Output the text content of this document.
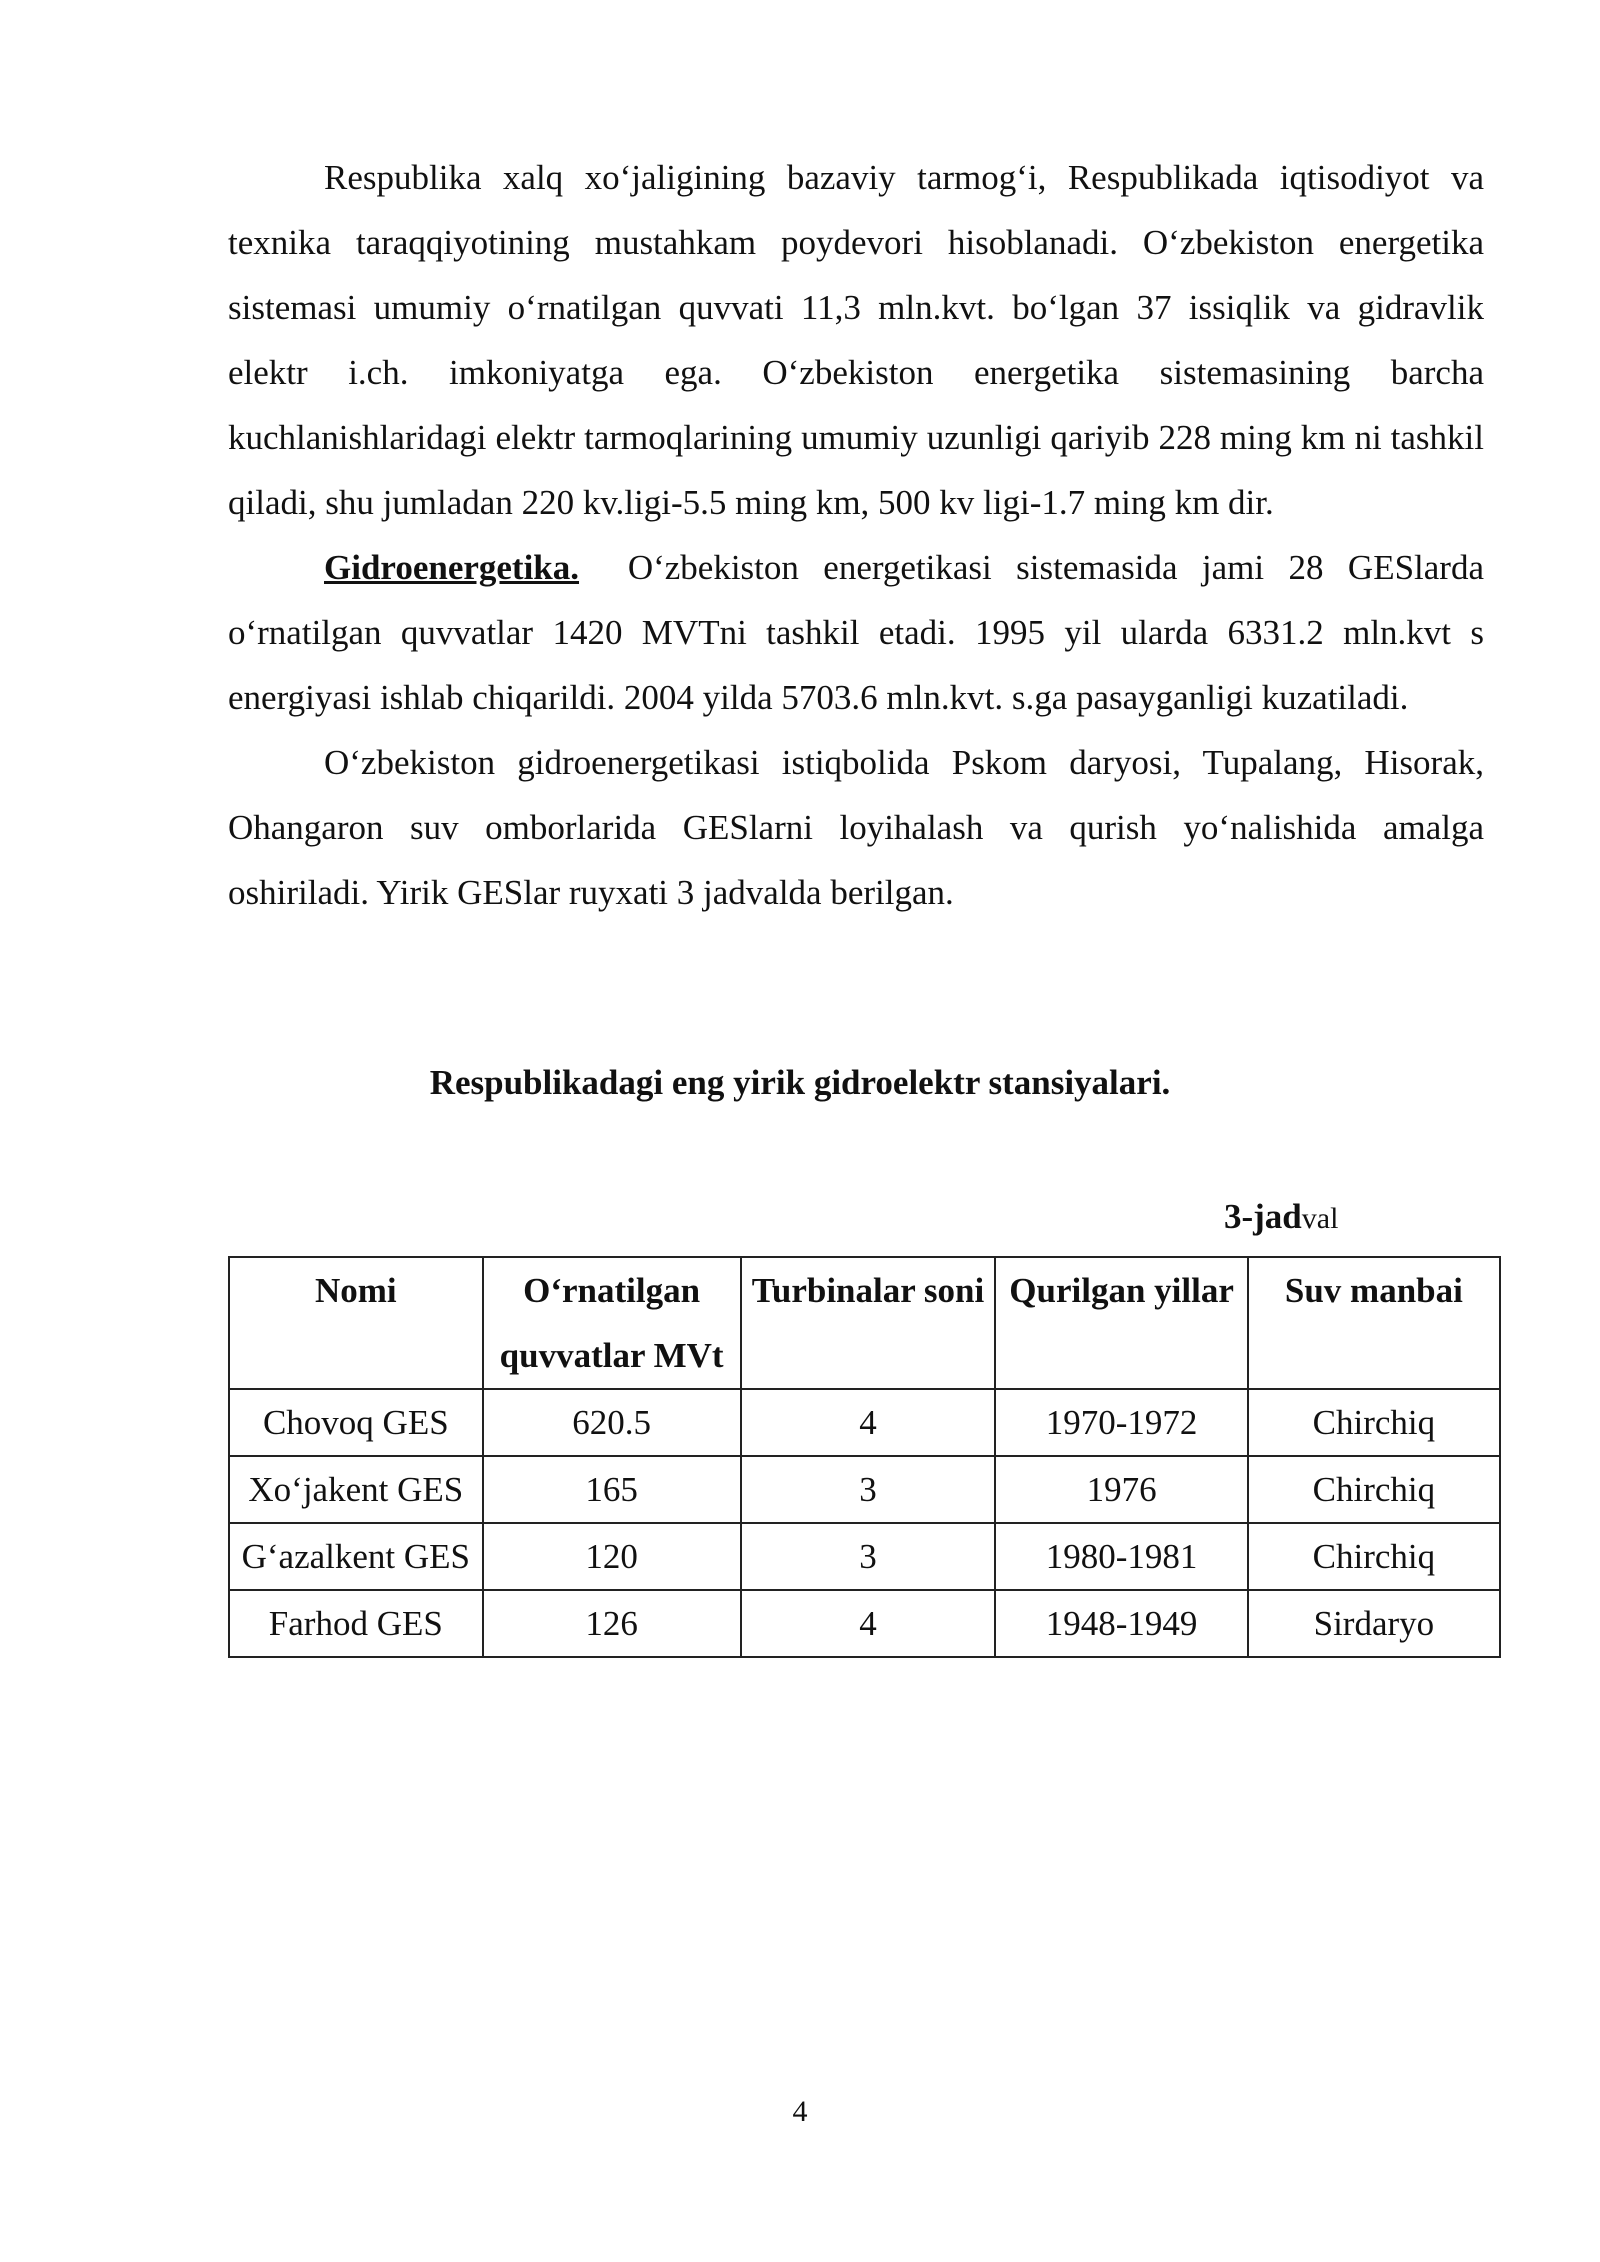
Respublika xalq xo‘jaligining bazaviy tarmog‘i, Respublikada iqtisodiyot va texnika taraqqiyotining mustahkam poydevori hisoblanadi. O‘zbekiston energetika sistemasi umumiy o‘rnatilgan quvvati 11,3 mln.kvt. bo‘lgan 37 issiqlik va gidravlik elektr i.ch. imkoniyatga ega. O‘zbekiston energetika sistemasining barcha kuchlanishlaridagi elektr tarmoqlarining umumiy uzunligi qariyib 228 ming km ni tashkil qiladi, shu jumladan 220 kv.ligi-5.5 ming km, 500 kv ligi-1.7 ming km dir.

Gidroenergetika. O‘zbekiston energetikasi sistemasida jami 28 GESlarda o‘rnatilgan quvvatlar 1420 MVTni tashkil etadi. 1995 yil ularda 6331.2 mln.kvt s energiyasi ishlab chiqarildi. 2004 yilda 5703.6 mln.kvt. s.ga pasayganligi kuzatiladi.

O‘zbekiston gidroenergetikasi istiqbolida Pskom daryosi, Tupalang, Hisorak, Ohangaron suv omborlarida GESlarni loyihalash va qurish yo‘nalishida amalga oshiriladi. Yirik GESlar ruyxati 3 jadvalda berilgan.

Respublikadagi eng yirik gidroelektr stansiyalari.

3-jadval

Nomi	O‘rnatilgan quvvatlar MVt	Turbinalar soni	Qurilgan yillar	Suv manbai
Chovoq GES	620.5	4	1970-1972	Chirchiq
Xo‘jakent GES	165	3	1976	Chirchiq
G‘azalkent GES	120	3	1980-1981	Chirchiq
Farhod GES	126	4	1948-1949	Sirdaryo

4
